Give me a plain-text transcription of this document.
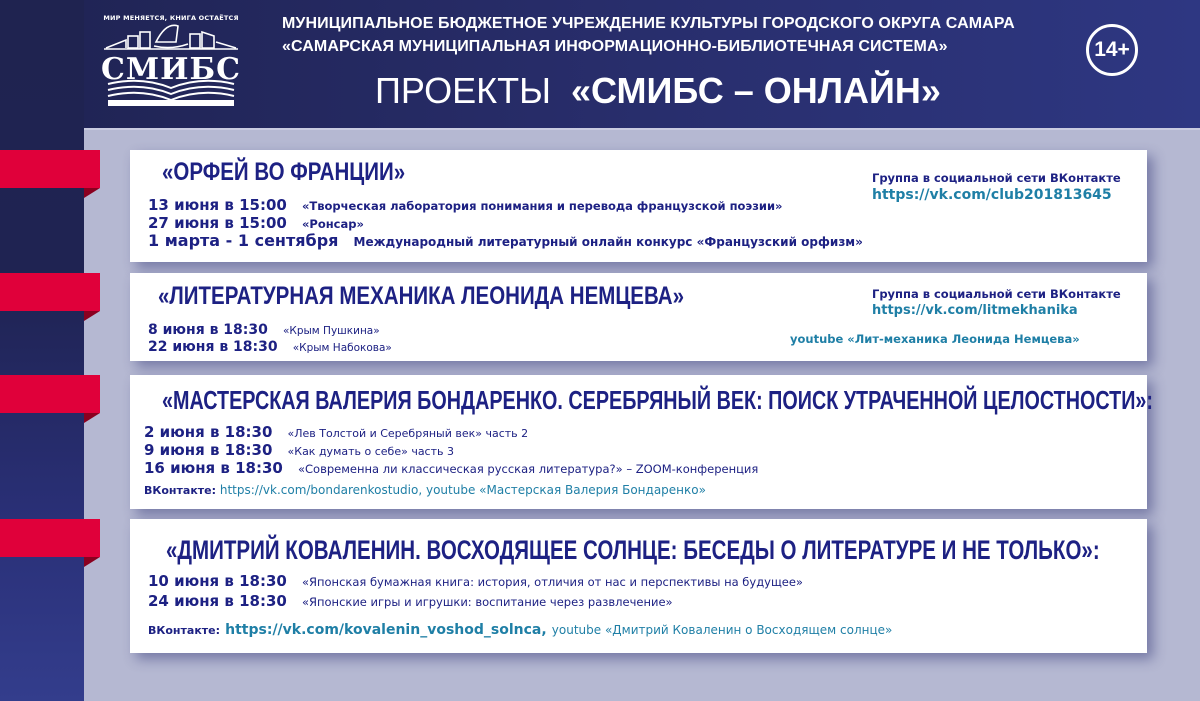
МИР МЕНЯЕТСЯ, КНИГА ОСТАЁТСЯ
СМИБС
МУНИЦИПАЛЬНОЕ БЮДЖЕТНОЕ УЧРЕЖДЕНИЕ КУЛЬТУРЫ ГОРОДСКОГО ОКРУГА САМАРА
«САМАРСКАЯ МУНИЦИПАЛЬНАЯ ИНФОРМАЦИОННО-БИБЛИОТЕЧНАЯ СИСТЕМА»
ПРОЕКТЫ «СМИБС – ОНЛАЙН»
14+
«ОРФЕЙ ВО ФРАНЦИИ»
13 июня в 15:00 «Творческая лаборатория понимания и перевода французской поэзии»
27 июня в 15:00 «Ронсар»
1 марта - 1 сентября Международный литературный онлайн конкурс «Французский орфизм»
Группа в социальной сети ВКонтакте
https://vk.com/club201813645
«ЛИТЕРАТУРНАЯ МЕХАНИКА ЛЕОНИДА НЕМЦЕВА»
8 июня в 18:30 «Крым Пушкина»
22 июня в 18:30 «Крым Набокова»
Группа в социальной сети ВКонтакте
https://vk.com/litmekhanika
youtube «Лит-механика Леонида Немцева»
«МАСТЕРСКАЯ ВАЛЕРИЯ БОНДАРЕНКО. СЕРЕБРЯНЫЙ ВЕК: ПОИСК УТРАЧЕННОЙ ЦЕЛОСТНОСТИ»:
2 июня в 18:30 «Лев Толстой и Серебряный век» часть 2
9 июня в 18:30 «Как думать о себе» часть 3
16 июня в 18:30 «Современна ли классическая русская литература?» – ZOOM-конференция
ВКонтакте: https://vk.com/bondarenkostudio, youtube «Мастерская Валерия Бондаренко»
«ДМИТРИЙ КОВАЛЕНИН. ВОСХОДЯЩЕЕ СОЛНЦЕ: БЕСЕДЫ О ЛИТЕРАТУРЕ И НЕ ТОЛЬКО»:
10 июня в 18:30 «Японская бумажная книга: история, отличия от нас и перспективы на будущее»
24 июня в 18:30 «Японские игры и игрушки: воспитание через развлечение»
ВКонтакте: https://vk.com/kovalenin_voshod_solnca, youtube «Дмитрий Коваленин о Восходящем солнце»
